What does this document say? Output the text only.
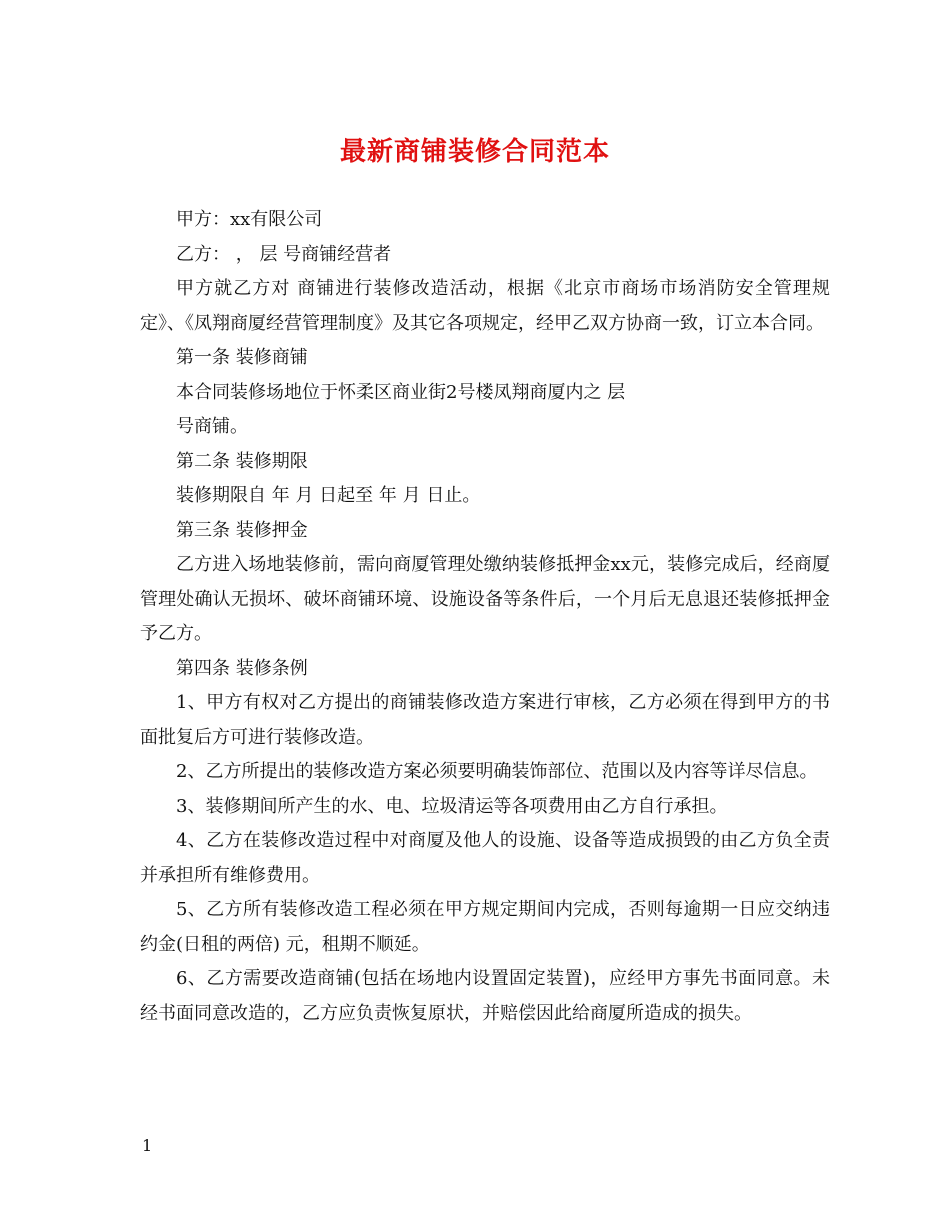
最新商铺装修合同范本

甲方：xx有限公司

乙方： ， 层 号商铺经营者

甲方就乙方对 商铺进行装修改造活动，根据《北京市商场市场消防安全管理规定》、《凤翔商厦经营管理制度》及其它各项规定，经甲乙双方协商一致，订立本合同。

第一条 装修商铺

本合同装修场地位于怀柔区商业街2号楼凤翔商厦内之 层

号商铺。

第二条 装修期限

装修期限自 年 月 日起至 年 月 日止。

第三条 装修押金

乙方进入场地装修前，需向商厦管理处缴纳装修抵押金xx元，装修完成后，经商厦管理处确认无损坏、破坏商铺环境、设施设备等条件后，一个月后无息退还装修抵押金予乙方。

第四条 装修条例

1、甲方有权对乙方提出的商铺装修改造方案进行审核，乙方必须在得到甲方的书面批复后方可进行装修改造。

2、乙方所提出的装修改造方案必须要明确装饰部位、范围以及内容等详尽信息。

3、装修期间所产生的水、电、垃圾清运等各项费用由乙方自行承担。

4、乙方在装修改造过程中对商厦及他人的设施、设备等造成损毁的由乙方负全责并承担所有维修费用。

5、乙方所有装修改造工程必须在甲方规定期间内完成，否则每逾期一日应交纳违约金(日租的两倍) 元，租期不顺延。

6、乙方需要改造商铺(包括在场地内设置固定装置)，应经甲方事先书面同意。未经书面同意改造的，乙方应负责恢复原状，并赔偿因此给商厦所造成的损失。

1
